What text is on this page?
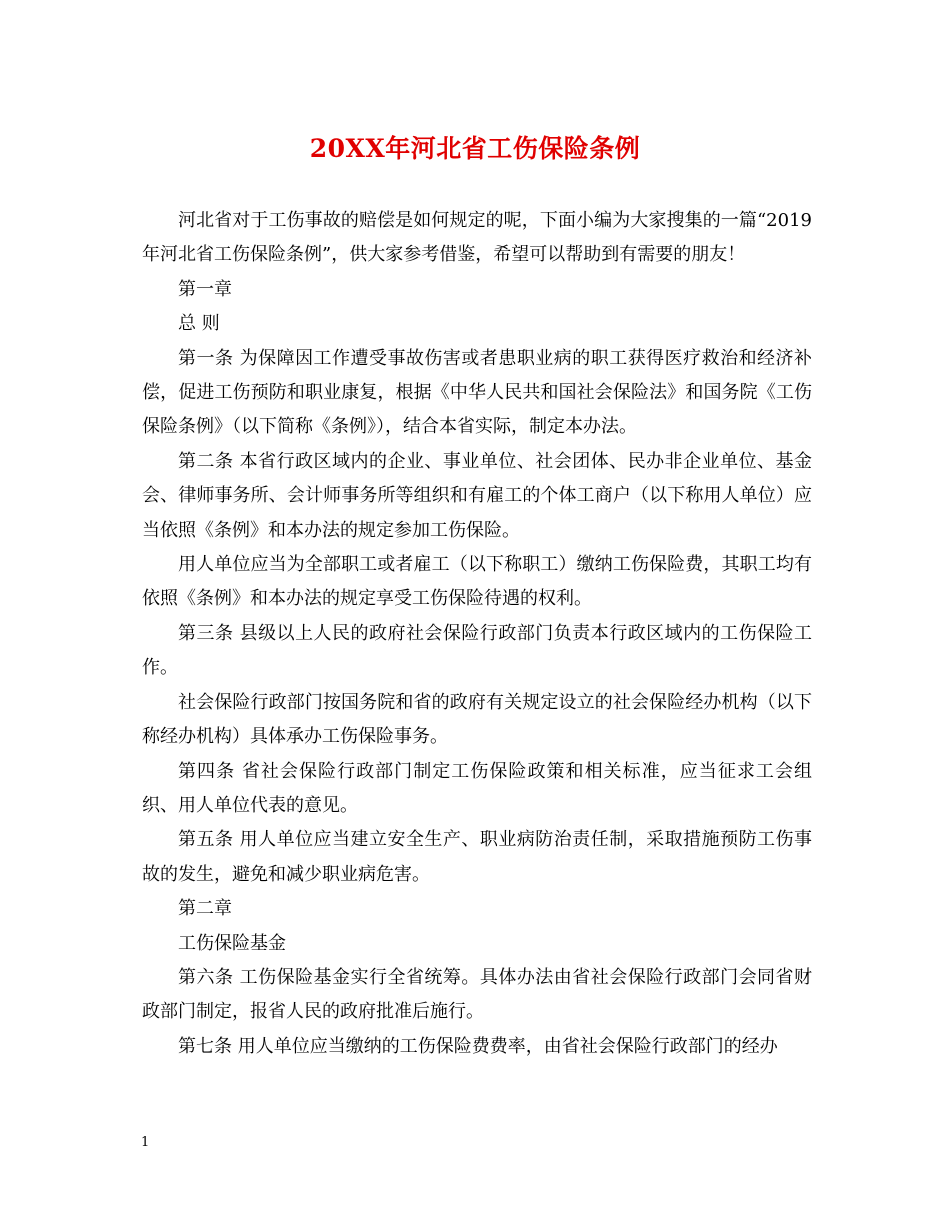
20XX年河北省工伤保险条例

河北省对于工伤事故的赔偿是如何规定的呢，下面小编为大家搜集的一篇“2019年河北省工伤保险条例”，供大家参考借鉴，希望可以帮助到有需要的朋友！

第一章

总 则

第一条 为保障因工作遭受事故伤害或者患职业病的职工获得医疗救治和经济补偿，促进工伤预防和职业康复，根据《中华人民共和国社会保险法》和国务院《工伤保险条例》（以下简称《条例》），结合本省实际，制定本办法。

第二条 本省行政区域内的企业、事业单位、社会团体、民办非企业单位、基金会、律师事务所、会计师事务所等组织和有雇工的个体工商户（以下称用人单位）应当依照《条例》和本办法的规定参加工伤保险。

用人单位应当为全部职工或者雇工（以下称职工）缴纳工伤保险费，其职工均有依照《条例》和本办法的规定享受工伤保险待遇的权利。

第三条 县级以上人民的政府社会保险行政部门负责本行政区域内的工伤保险工作。

社会保险行政部门按国务院和省的政府有关规定设立的社会保险经办机构（以下称经办机构）具体承办工伤保险事务。

第四条 省社会保险行政部门制定工伤保险政策和相关标准，应当征求工会组织、用人单位代表的意见。

第五条 用人单位应当建立安全生产、职业病防治责任制，采取措施预防工伤事故的发生，避免和减少职业病危害。

第二章

工伤保险基金

第六条 工伤保险基金实行全省统筹。具体办法由省社会保险行政部门会同省财政部门制定，报省人民的政府批准后施行。

第七条 用人单位应当缴纳的工伤保险费费率，由省社会保险行政部门的经办

1
